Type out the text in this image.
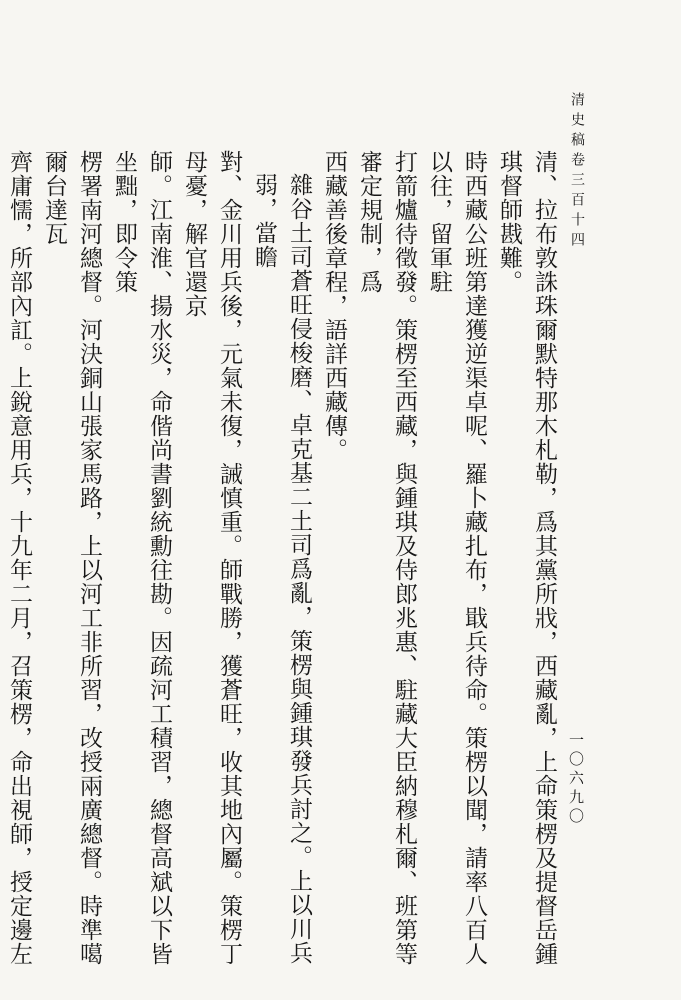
清史稿卷三百十四
一〇六九〇

清、拉布敦誅珠爾默特那木札勒，爲其黨所戕，西藏亂，上命策楞及提督岳鍾琪督師戡難。
時西藏公班第達獲逆渠卓呢、羅卜藏扎布，戢兵待命。策楞以聞，請率八百人以往，留軍駐
打箭爐待徵發。策楞至西藏，與鍾琪及侍郎兆惠、駐藏大臣納穆札爾、班第等審定規制，爲
西藏善後章程，語詳西藏傳。

雜谷土司蒼旺侵梭磨、卓克基二土司爲亂，策楞與鍾琪發兵討之。上以川兵弱，當瞻
對、金川用兵後，元氣未復，誡慎重。師戰勝，獲蒼旺，收其地內屬。策楞丁母憂，解官還京
師。江南淮、揚水災，命偕尚書劉統勳往勘。因疏河工積習，總督高斌以下皆坐黜，即令策
楞署南河總督。河決銅山張家馬路，上以河工非所習，改授兩廣總督。時準噶爾台達瓦
齊庸懦，所部內訌。上銳意用兵，十九年二月，召策楞，命出視師，授定邊左
